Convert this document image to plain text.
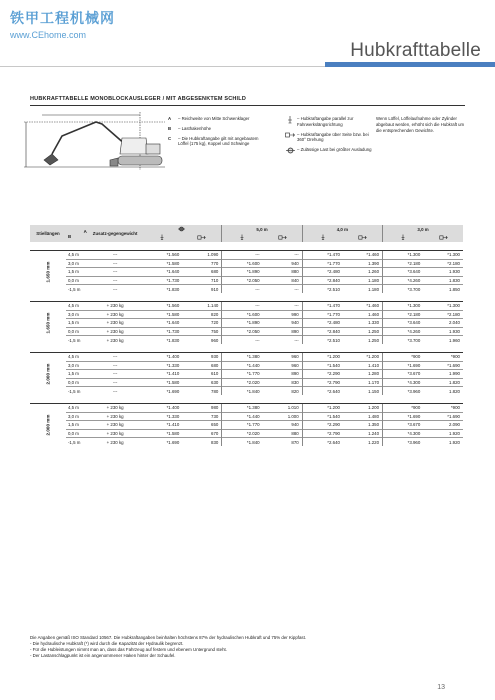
铁甲工程机械网
www.CEhome.com
Hubkrafttabelle
HUBKRAFTTABELLE MONOBLOCKAUSLEGER / MIT ABGESENKTEM SCHILD
A	– Reichweite von Mitte Schwenklager
B	– Lasthakenhöhe
C	– Die Hubkraftangabe gilt mit angebautem Löffel (175 kg), Koppel und Schwinge
– Hubkraftangabe parallel zur Fahrwerkslängsrichtung
– Hubkraftangabe über Seite bzw. bei 360° Drehung
– Zulässige Last bei größter Ausladung
Wenn Löffel, Löffelaufnahme oder Zylinder abgebaut werden, erhöht sich die Hubkraft um die entsprechenden Gewichte.
Stiellängen	A
B	Zusatz-gegengewicht			5,0 m		4,0 m		3,0 m	

1.650 mm	4,5 m	---	*1.560	1.090	---	---	*1.470	*1.460	*1.300	*1.300
	3,0 m	---	*1.580	770	*1.600	940	*1.770	1.390	*2.180	*2.180
	1,5 m	---	*1.640	680	*1.890	880	*2.480	1.260	*3.640	1.930
	0,0 m	---	*1.730	710	*2.050	840	*2.840	1.180	*4.260	1.830
	-1,5 m	---	*1.830	910	---	---	*2.510	1.180	*3.700	1.850

1.650 mm	4,5 m	+ 230 kg	*1.560	1.140	---	---	*1.470	*1.460	*1.300	*1.300
	3,0 m	+ 230 kg	*1.580	820	*1.600	990	*1.770	1.460	*2.180	*2.180
	1,5 m	+ 230 kg	*1.640	720	*1.890	940	*2.480	1.330	*3.640	2.040
	0,0 m	+ 230 kg	*1.730	750	*2.050	890	*2.840	1.250	*4.260	1.930
	-1,5 m	+ 230 kg	*1.830	960	---	---	*2.510	1.250	*3.700	1.960

2.000 mm	4,5 m	---	*1.400	930	*1.380	960	*1.200	*1.200	*900	*900
	3,0 m	---	*1.330	680	*1.440	960	*1.540	1.410	*1.690	*1.690
	1,5 m	---	*1.410	610	*1.770	890	*2.290	1.280	*3.670	1.990
	0,0 m	---	*1.580	630	*2.020	830	*2.790	1.170	*4.300	1.820
	-1,5 m	---	*1.690	780	*1.840	820	*2.640	1.150	*3.960	1.820

2.000 mm	4,5 m	+ 230 kg	*1.400	980	*1.380	1.010	*1.200	1.200	*900	*900
	3,0 m	+ 230 kg	*1.330	730	*1.440	1.000	*1.540	1.480	*1.690	*1.690
	1,5 m	+ 230 kg	*1.410	650	*1.770	940	*2.290	1.350	*3.670	2.090
	0,0 m	+ 230 kg	*1.580	670	*2.020	880	*2.790	1.240	*4.300	1.920
	-1,5 m	+ 230 kg	*1.690	830	*1.840	870	*2.640	1.220	*3.960	1.920
Die Angaben gemäß ISO Standard 10567. Die Hubkraftangaben beinhalten höchstens 87% der hydraulischen Hubkraft und 75% der Kippfast.
- Die hydraulische Hubkraft (*) wird durch die Kapazität der Hydraulik begrenzt.
- Für die Hubleistungen nimmt man an, dass das Fahrzeug auf festem und ebenem Untergrund steht.
- Der Lastanschlagpunkt ist ein angenommener Haken hinter der Schaufel.
13
